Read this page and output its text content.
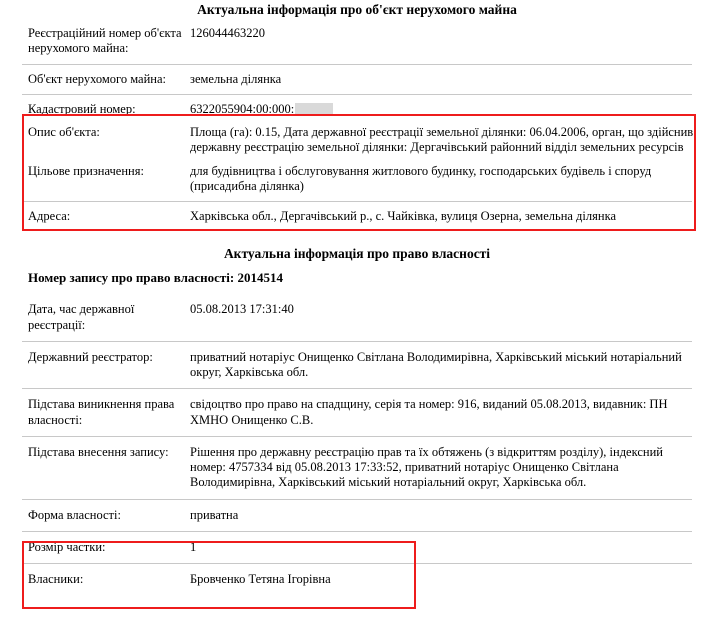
Актуальна інформація про об'єкт нерухомого майна
Реєстраційний номер об'єкта нерухомого майна:
126044463220
Об'єкт нерухомого майна:	земельна ділянка
Кадастровий номер:	6322055904:00:000:
Опис об'єкта:	Площа (га): 0.15, Дата державної реєстрації земельної ділянки: 06.04.2006, орган, що здійснив державну реєстрацію земельної ділянки: Дергачівський районний відділ земельних ресурсів
Цільове призначення:	для будівництва і обслуговування житлового будинку, господарських будівель і споруд (присадибна ділянка)
Адреса:	Харківська обл., Дергачівський р., с. Чайківка, вулиця Озерна, земельна ділянка
Актуальна інформація про право власності
Номер запису про право власності: 2014514
Дата, час державної реєстрації:
05.08.2013 17:31:40
Державний реєстратор:	приватний нотаріус Онищенко Світлана Володимирівна, Харківський міський нотаріальний округ, Харківська обл.
Підстава виникнення права власності:
свідоцтво про право на спадщину, серія та номер: 916, виданий 05.08.2013, видавник: ПН ХМНО Онищенко С.В.
Підстава внесення запису:	Рішення про державну реєстрацію прав та їх обтяжень (з відкриттям розділу), індексний номер: 4757334 від 05.08.2013 17:33:52, приватний нотаріус Онищенко Світлана Володимирівна, Харківський міський нотаріальний округ, Харківська обл.
Форма власності:	приватна
Розмір частки:	1
Власники:	Бровченко Тетяна Ігорівна
